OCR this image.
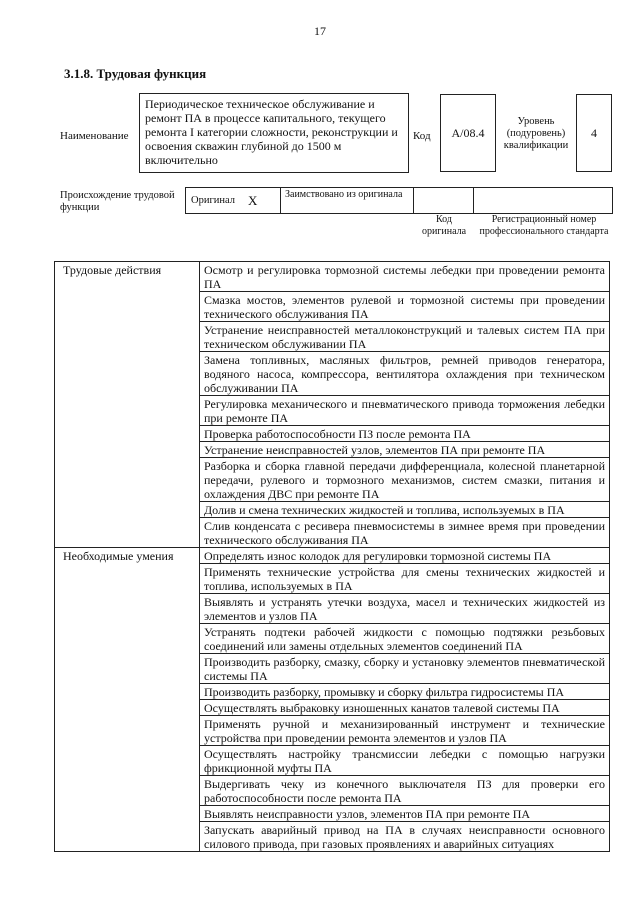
17
3.1.8. Трудовая функция
Наименование
Периодическое техническое обслуживание и ремонт ПА в процессе капитального, текущего ремонта I категории сложности, реконструкции и освоения скважин глубиной до 1500 м включительно
Код	A/08.4
Уровень (подуровень) квалификации
4
Происхождение трудовой функции
Оригинал X	Заимствовано из оригинала
Код оригинала
Регистрационный номер профессионального стандарта
Трудовые действия	Осмотр и регулировка тормозной системы лебедки при проведении ремонта ПА
	Смазка мостов, элементов рулевой и тормозной системы при проведении технического обслуживания ПА
	Устранение неисправностей металлоконструкций и талевых систем ПА при техническом обслуживании ПА
	Замена топливных, масляных фильтров, ремней приводов генератора, водяного насоса, компрессора, вентилятора охлаждения при техническом обслуживании ПА
	Регулировка механического и пневматического привода торможения лебедки при ремонте ПА
	Проверка работоспособности ПЗ после ремонта ПА
	Устранение неисправностей узлов, элементов ПА при ремонте ПА
	Разборка и сборка главной передачи дифференциала, колесной планетарной передачи, рулевого и тормозного механизмов, систем смазки, питания и охлаждения ДВС при ремонте ПА
	Долив и смена технических жидкостей и топлива, используемых в ПА
	Слив конденсата с ресивера пневмосистемы в зимнее время при проведении технического обслуживания ПА
Необходимые умения	Определять износ колодок для регулировки тормозной системы ПА
	Применять технические устройства для смены технических жидкостей и топлива, используемых в ПА
	Выявлять и устранять утечки воздуха, масел и технических жидкостей из элементов и узлов ПА
	Устранять подтеки рабочей жидкости с помощью подтяжки резьбовых соединений или замены отдельных элементов соединений ПА
	Производить разборку, смазку, сборку и установку элементов пневматической системы ПА
	Производить разборку, промывку и сборку фильтра гидросистемы ПА
	Осуществлять выбраковку изношенных канатов талевой системы ПА
	Применять ручной и механизированный инструмент и технические устройства при проведении ремонта элементов и узлов ПА
	Осуществлять настройку трансмиссии лебедки с помощью нагрузки фрикционной муфты ПА
	Выдергивать чеку из конечного выключателя ПЗ для проверки его работоспособности после ремонта ПА
	Выявлять неисправности узлов, элементов ПА при ремонте ПА
	Запускать аварийный привод на ПА в случаях неисправности основного силового привода, при газовых проявлениях и аварийных ситуациях
